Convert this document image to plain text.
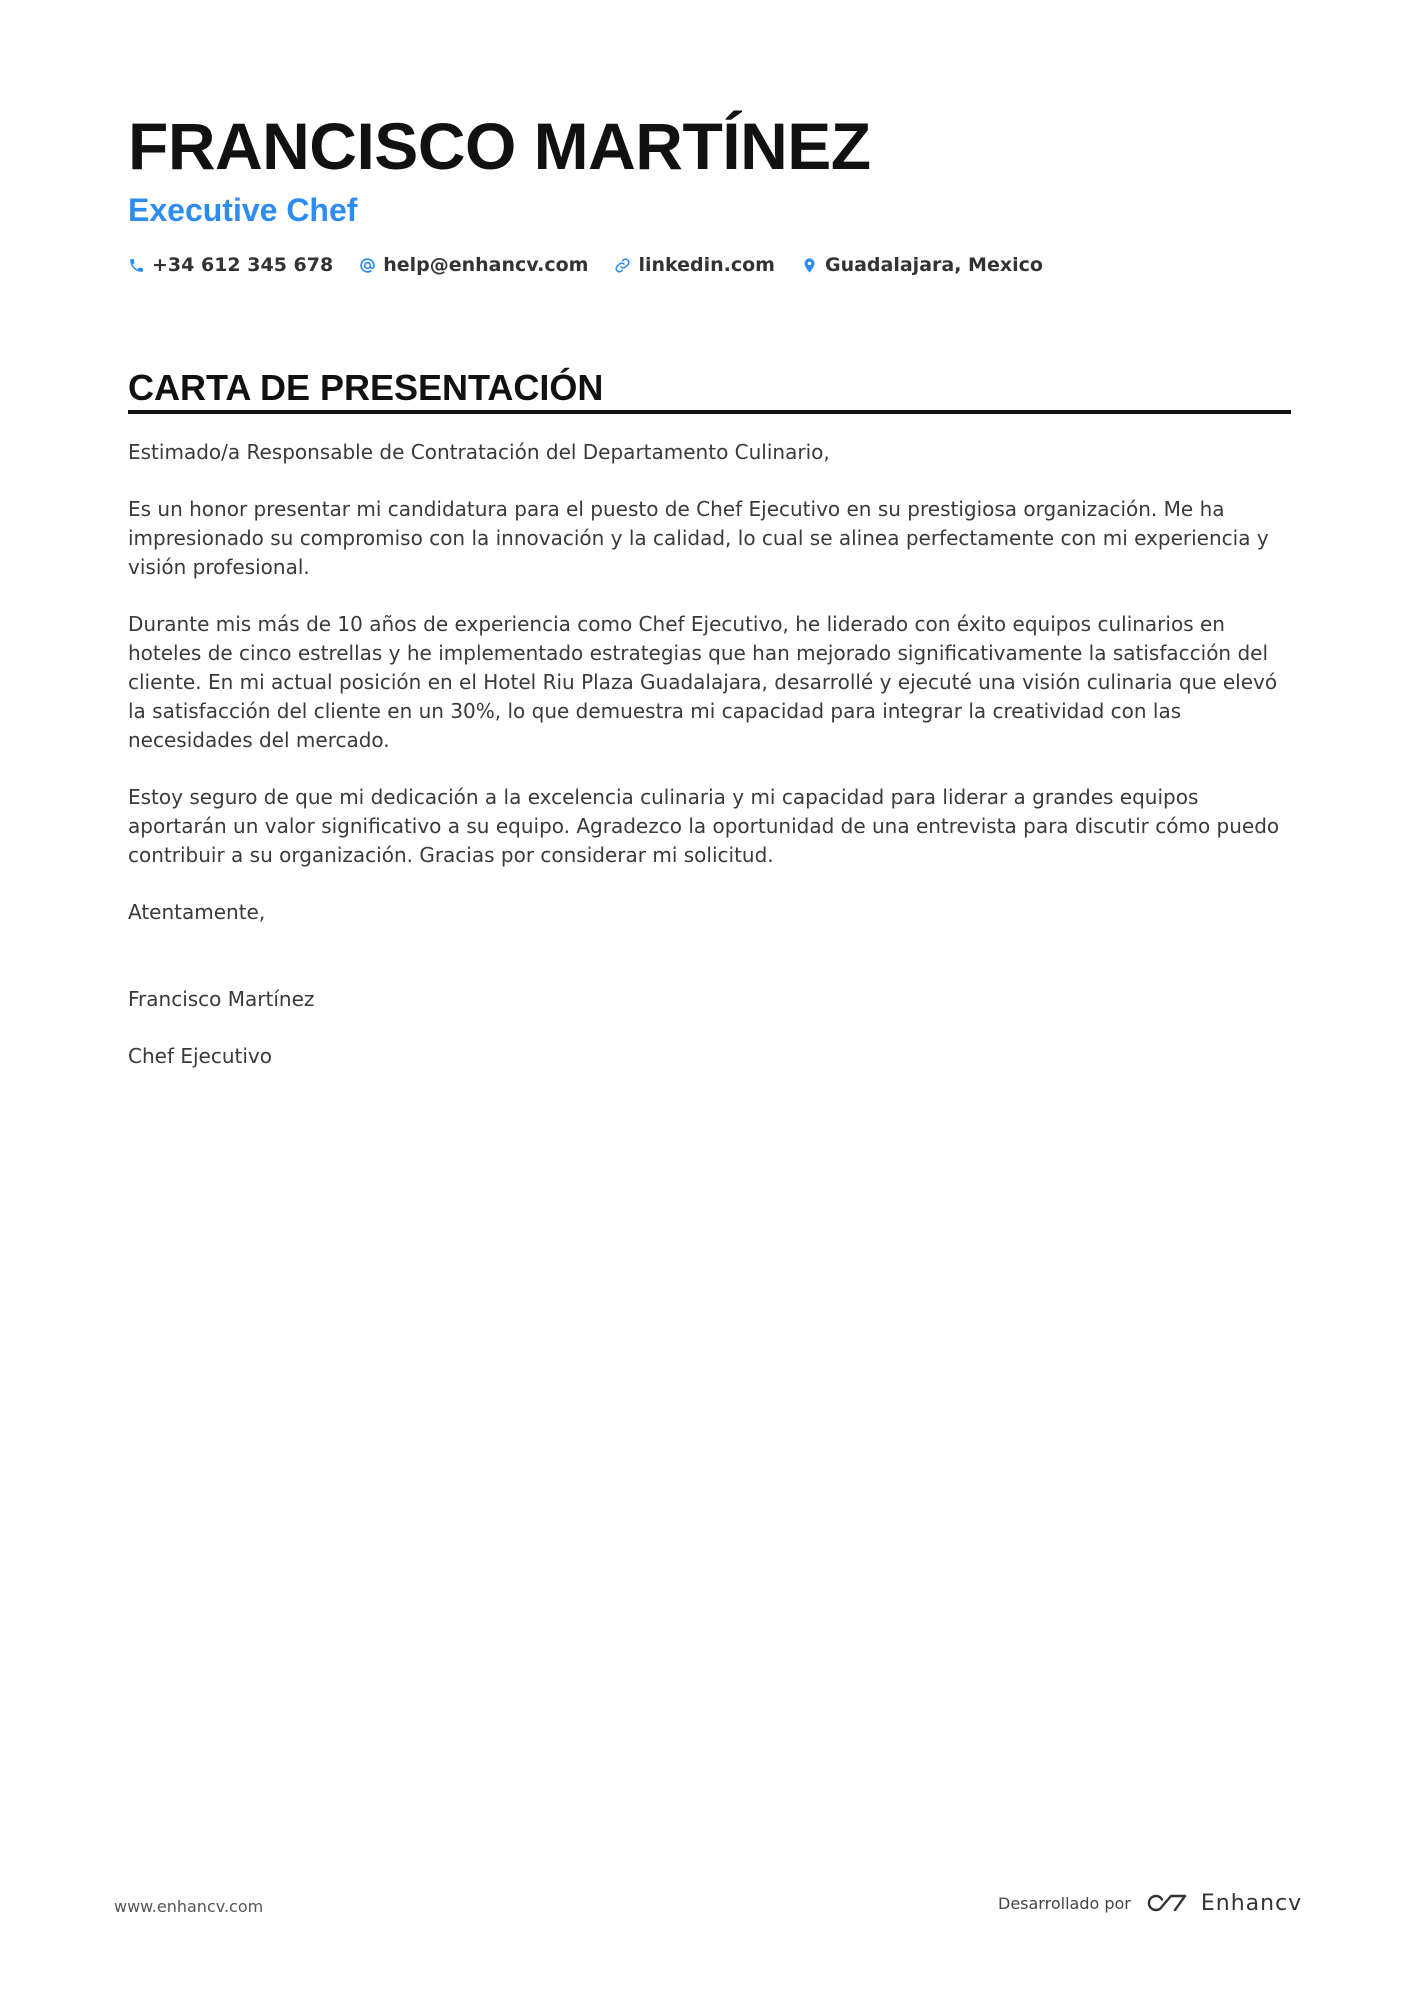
FRANCISCO MARTÍNEZ
Executive Chef
+34 612 345 678	help@enhancv.com	linkedin.com	Guadalajara, Mexico
CARTA DE PRESENTACIÓN

Estimado/a Responsable de Contratación del Departamento Culinario,

Es un honor presentar mi candidatura para el puesto de Chef Ejecutivo en su prestigiosa organización. Me ha impresionado su compromiso con la innovación y la calidad, lo cual se alinea perfectamente con mi experiencia y visión profesional.

Durante mis más de 10 años de experiencia como Chef Ejecutivo, he liderado con éxito equipos culinarios en hoteles de cinco estrellas y he implementado estrategias que han mejorado significativamente la satisfacción del cliente. En mi actual posición en el Hotel Riu Plaza Guadalajara, desarrollé y ejecuté una visión culinaria que elevó la satisfacción del cliente en un 30%, lo que demuestra mi capacidad para integrar la creatividad con las necesidades del mercado.

Estoy seguro de que mi dedicación a la excelencia culinaria y mi capacidad para liderar a grandes equipos aportarán un valor significativo a su equipo. Agradezco la oportunidad de una entrevista para discutir cómo puedo contribuir a su organización. Gracias por considerar mi solicitud.

Atentamente,

Francisco Martínez

Chef Ejecutivo

www.enhancv.com	Desarrollado por	Enhancv
